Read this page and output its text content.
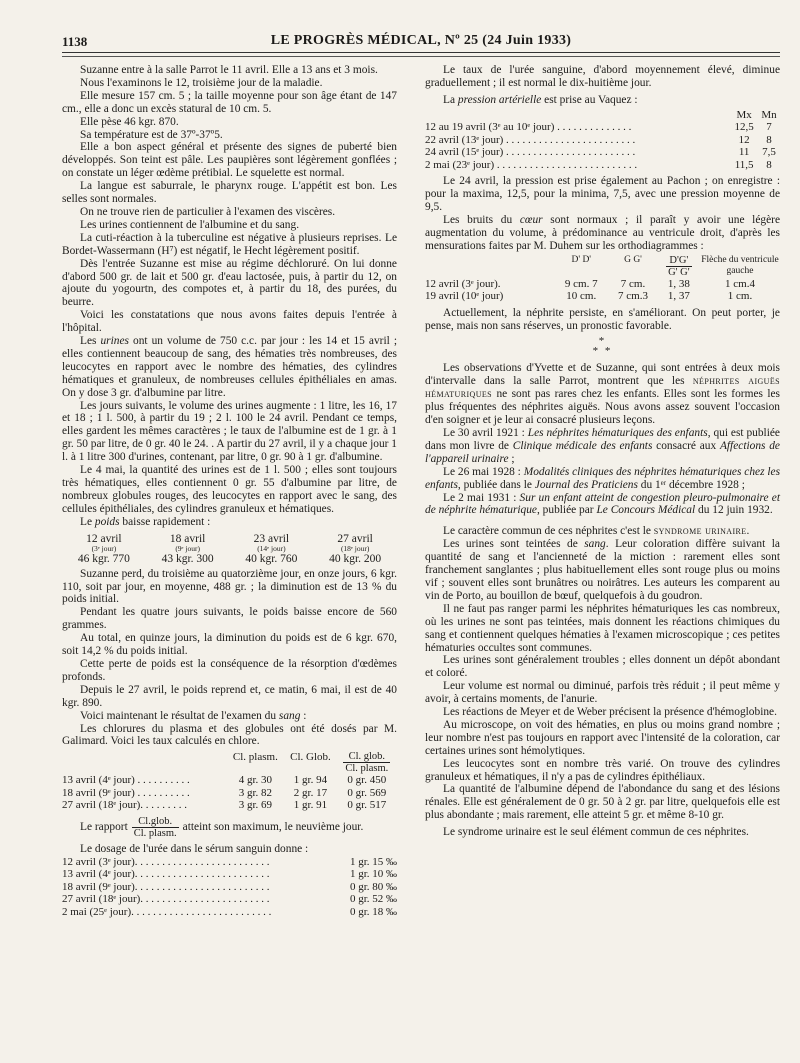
1138	LE PROGRÈS MÉDICAL, Nº 25 (24 Juin 1933)

Suzanne entre à la salle Parrot le 11 avril. Elle a 13 ans et 3 mois.

Nous l'examinons le 12, troisième jour de la maladie.

Elle mesure 157 cm. 5 ; la taille moyenne pour son âge étant de 147 cm., elle a donc un excès statural de 10 cm. 5.

Elle pèse 46 kgr. 870.

Sa température est de 37º-37º5.

Elle a bon aspect général et présente des signes de puberté bien développés. Son teint est pâle. Les paupières sont légèrement gonflées ; on constate un léger œdème prétibial. Le squelette est normal.

La langue est saburrale, le pharynx rouge. L'appétit est bon. Les selles sont normales.

On ne trouve rien de particulier à l'examen des viscères.

Les urines contiennent de l'albumine et du sang.

La cuti-réaction à la tuberculine est négative à plusieurs reprises. Le Bordet-Wassermann (H⁷) est négatif, le Hecht légèrement positif.

Dès l'entrée Suzanne est mise au régime déchloruré. On lui donne d'abord 500 gr. de lait et 500 gr. d'eau lactosée, puis, à partir du 12, on ajoute du yogourtn, des compotes et, à partir du 18, des purées, du beurre.

Voici les constatations que nous avons faites depuis l'entrée à l'hôpital.

Les urines ont un volume de 750 c.c. par jour : les 14 et 15 avril ; elles contiennent beaucoup de sang, des hématies très nombreuses, des leucocytes en rapport avec le nombre des hématies, des cylindres hématiques et granuleux, de nombreuses cellules épithéliales en amas. On y dose 3 gr. d'albumine par litre.

Les jours suivants, le volume des urines augmente : 1 litre, les 16, 17 et 18 ; 1 l. 500, à partir du 19 ; 2 l. 100 le 24 avril. Pendant ce temps, elles gardent les mêmes caractères ; le taux de l'albumine est de 1 gr. à 1 gr. 50 par litre, de 0 gr. 40 le 24. . A partir du 27 avril, il y a chaque jour 1 l. à 1 litre 300 d'urines, contenant, par litre, 0 gr. 90 à 1 gr. d'albumine.

Le 4 mai, la quantité des urines est de 1 l. 500 ; elles sont toujours très hématiques, elles contiennent 0 gr. 55 d'albumine par litre, de nombreux globules rouges, des leucocytes en rapport avec le sang, des cellules épithéliales, des cylindres granuleux et hématiques.

Le poids baisse rapidement :

12 avril
(3ᵉ jour)
46 kgr. 770

18 avril
(9ᵉ jour)
43 kgr. 300

23 avril
(14ᵉ jour)
40 kgr. 760

27 avril
(18ᵉ jour)
40 kgr. 200

Suzanne perd, du troisième au quatorzième jour, en onze jours, 6 kgr. 110, soit par jour, en moyenne, 488 gr. ; la diminution est de 13 % du poids initial.

Pendant les quatre jours suivants, le poids baisse encore de 560 grammes.

Au total, en quinze jours, la diminution du poids est de 6 kgr. 670, soit 14,2 % du poids initial.

Cette perte de poids est la conséquence de la résorption d'œdèmes profonds.

Depuis le 27 avril, le poids reprend et, ce matin, 6 mai, il est de 40 kgr. 890.

Voici maintenant le résultat de l'examen du sang :

Les chlorures du plasma et des globules ont été dosés par M. Galimard. Voici les taux calculés en chlore.

	Cl. plasm.	Cl. Glob.	$\frac{\text{Cl. glob.}}{\text{Cl. plasm.}}$

13 avril (4ᵉ jour) . . . . . . . . . .	4 gr. 30	1 gr. 94	0 gr. 450
18 avril (9ᵉ jour) . . . . . . . . . .	3 gr. 82	2 gr. 17	0 gr. 569
27 avril (18ᵉ jour). . . . . . . . .	3 gr. 69	1 gr. 91	0 gr. 517
Le rapport $\frac{\text{Cl.glob.}}{\text{Cl. plasm.}}$ atteint son maximum, le neuvième jour.

Le dosage de l'urée dans le sérum sanguin donne :

12 avril (3ᵉ jour). . . . . . . . . . . . . . . . . . . . . . . . .	1 gr. 15 ‰
13 avril (4ᵉ jour). . . . . . . . . . . . . . . . . . . . . . . . .	1 gr. 10 ‰
18 avril (9ᵉ jour). . . . . . . . . . . . . . . . . . . . . . . . .	0 gr. 80 ‰
27 avril (18ᵉ jour). . . . . . . . . . . . . . . . . . . . . . . .	0 gr. 52 ‰
2 mai (25ᵉ jour). . . . . . . . . . . . . . . . . . . . . . . . . .	0 gr. 18 ‰

Le taux de l'urée sanguine, d'abord moyennement élevé, diminue graduellement ; il est normal le dix-huitième jour.

La pression artérielle est prise au Vaquez :

	Mx	Mn
12 au 19 avril (3ᵉ au 10ᵉ jour) . . . . . . . . . . . . . .	12,5	7
22 avril (13ᵉ jour) . . . . . . . . . . . . . . . . . . . . . . . .	12	8
24 avril (15ᵉ jour) . . . . . . . . . . . . . . . . . . . . . . . .	11	7,5
2 mai (23ᵉ jour) . . . . . . . . . . . . . . . . . . . . . . . . . .	11,5	8

Le 24 avril, la pression est prise également au Pachon ; on enregistre : pour la maxima, 12,5, pour la minima, 7,5, avec une pression moyenne de 9,5.

Les bruits du cœur sont normaux ; il paraît y avoir une légère augmentation du volume, à prédominance au ventricule droit, d'après les mensurations faites par M. Duhem sur les orthodiagrammes :

	D' D'	G G'	$\frac{D'G'}{G' G'}$	Flèche du ventricule gauche
12 avril (3ᵉ jour).	9 cm. 7	7 cm.	1, 38	1 cm.4
19 avril (10ᵉ jour)	10 cm.	7 cm.3	1, 37	1 cm.

Actuellement, la néphrite persiste, en s'améliorant. On peut porter, je pense, mais non sans réserves, un pronostic favorable.

*
* *

Les observations d'Yvette et de Suzanne, qui sont entrées à deux mois d'intervalle dans la salle Parrot, montrent que les néphrites aiguës hématuriques ne sont pas rares chez les enfants. Elles sont les formes les plus fréquentes des néphrites aiguës. Nous avons assez souvent l'occasion d'en soigner et je leur ai consacré plusieurs leçons.

Le 30 avril 1921 : Les néphrites hématuriques des enfants, qui est publiée dans mon livre de Clinique médicale des enfants consacré aux Affections de l'appareil urinaire ;

Le 26 mai 1928 : Modalités cliniques des néphrites hématuriques chez les enfants, publiée dans le Journal des Praticiens du 1ᵉʳ décembre 1928 ;

Le 2 mai 1931 : Sur un enfant atteint de congestion pleuro-pulmonaire et de néphrite hématurique, publiée par Le Concours Médical du 12 juin 1932.

Le caractère commun de ces néphrites c'est le syndrome urinaire.

Les urines sont teintées de sang. Leur coloration diffère suivant la quantité de sang et l'ancienneté de la miction : rarement elles sont franchement sanglantes ; plus habituellement elles sont rouge plus ou moins vif ; souvent elles sont brunâtres ou noirâtres. Les auteurs les comparent au vin de Porto, au bouillon de bœuf, quelquefois à du goudron.

Il ne faut pas ranger parmi les néphrites hématuriques les cas nombreux, où les urines ne sont pas teintées, mais donnent les réactions chimiques du sang et contiennent quelques hématies à l'examen microscopique ; ces petites hématuries occultes sont communes.

Les urines sont généralement troubles ; elles donnent un dépôt abondant et coloré.

Leur volume est normal ou diminué, parfois très réduit ; il peut même y avoir, à certains moments, de l'anurie.

Les réactions de Meyer et de Weber précisent la présence d'hémoglobine.

Au microscope, on voit des hématies, en plus ou moins grand nombre ; leur nombre n'est pas toujours en rapport avec l'intensité de la coloration, car certaines urines sont hémolytiques.

Les leucocytes sont en nombre très varié. On trouve des cylindres granuleux et hématiques, il n'y a pas de cylindres épithéliaux.

La quantité de l'albumine dépend de l'abondance du sang et des lésions rénales. Elle est généralement de 0 gr. 50 à 2 gr. par litre, quelquefois elle est plus abondante ; mais rarement, elle atteint 5 gr. et même 8-10 gr.

Le syndrome urinaire est le seul élément commun de ces néphrites.
